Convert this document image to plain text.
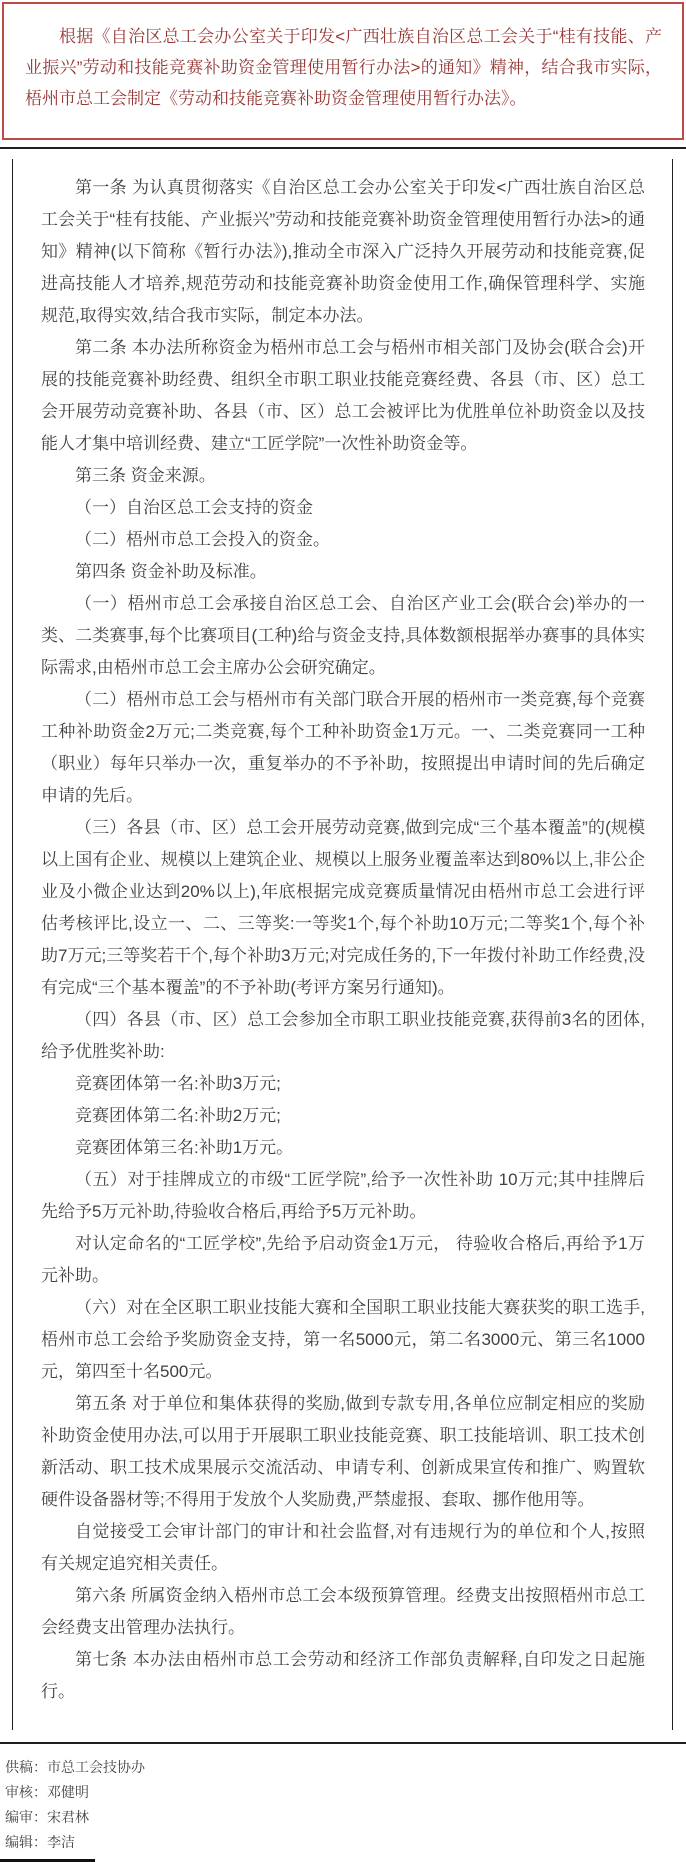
根据《自治区总工会办公室关于印发<广西壮族自治区总工会关于“桂有技能、产业振兴”劳动和技能竞赛补助资金管理使用暂行办法>的通知》精神，结合我市实际，梧州市总工会制定《劳动和技能竞赛补助资金管理使用暂行办法》。

第一条 为认真贯彻落实《自治区总工会办公室关于印发<广西壮族自治区总工会关于“桂有技能、产业振兴”劳动和技能竞赛补助资金管理使用暂行办法>的通知》精神(以下简称《暂行办法》),推动全市深入广泛持久开展劳动和技能竞赛,促进高技能人才培养,规范劳动和技能竞赛补助资金使用工作,确保管理科学、实施规范,取得实效,结合我市实际，制定本办法。

第二条 本办法所称资金为梧州市总工会与梧州市相关部门及协会(联合会)开展的技能竞赛补助经费、组织全市职工职业技能竞赛经费、各县（市、区）总工会开展劳动竞赛补助、各县（市、区）总工会被评比为优胜单位补助资金以及技能人才集中培训经费、建立“工匠学院”一次性补助资金等。

第三条 资金来源。

（一）自治区总工会支持的资金

（二）梧州市总工会投入的资金。

第四条 资金补助及标准。

（一）梧州市总工会承接自治区总工会、自治区产业工会(联合会)举办的一类、二类赛事,每个比赛项目(工种)给与资金支持,具体数额根据举办赛事的具体实际需求,由梧州市总工会主席办公会研究确定。

（二）梧州市总工会与梧州市有关部门联合开展的梧州市一类竞赛,每个竞赛工种补助资金2万元;二类竞赛,每个工种补助资金1万元。一、二类竞赛同一工种（职业）每年只举办一次，重复举办的不予补助，按照提出申请时间的先后确定申请的先后。

（三）各县（市、区）总工会开展劳动竞赛,做到完成“三个基本覆盖”的(规模以上国有企业、规模以上建筑企业、规模以上服务业覆盖率达到80%以上,非公企业及小微企业达到20%以上),年底根据完成竞赛质量情况由梧州市总工会进行评估考核评比,设立一、二、三等奖:一等奖1个,每个补助10万元;二等奖1个,每个补助7万元;三等奖若干个,每个补助3万元;对完成任务的,下一年拨付补助工作经费,没有完成“三个基本覆盖”的不予补助(考评方案另行通知)。

（四）各县（市、区）总工会参加全市职工职业技能竞赛,获得前3名的团体,给予优胜奖补助:

竞赛团体第一名:补助3万元;

竞赛团体第二名:补助2万元;

竞赛团体第三名:补助1万元。

（五）对于挂牌成立的市级“工匠学院”,给予一次性补助 10万元;其中挂牌后先给予5万元补助,待验收合格后,再给予5万元补助。

对认定命名的“工匠学校”,先给予启动资金1万元， 待验收合格后,再给予1万元补助。

（六）对在全区职工职业技能大赛和全国职工职业技能大赛获奖的职工选手,梧州市总工会给予奖励资金支持，第一名5000元，第二名3000元、第三名1000元，第四至十名500元。

第五条 对于单位和集体获得的奖励,做到专款专用,各单位应制定相应的奖励补助资金使用办法,可以用于开展职工职业技能竞赛、职工技能培训、职工技术创新活动、职工技术成果展示交流活动、申请专利、创新成果宣传和推广、购置软硬件设备器材等;不得用于发放个人奖励费,严禁虚报、套取、挪作他用等。

自觉接受工会审计部门的审计和社会监督,对有违规行为的单位和个人,按照有关规定追究相关责任。

第六条 所属资金纳入梧州市总工会本级预算管理。经费支出按照梧州市总工会经费支出管理办法执行。

第七条 本办法由梧州市总工会劳动和经济工作部负责解释,自印发之日起施行。

供稿：市总工会技协办
审核：邓健明
编审：宋君林
编辑：李洁
